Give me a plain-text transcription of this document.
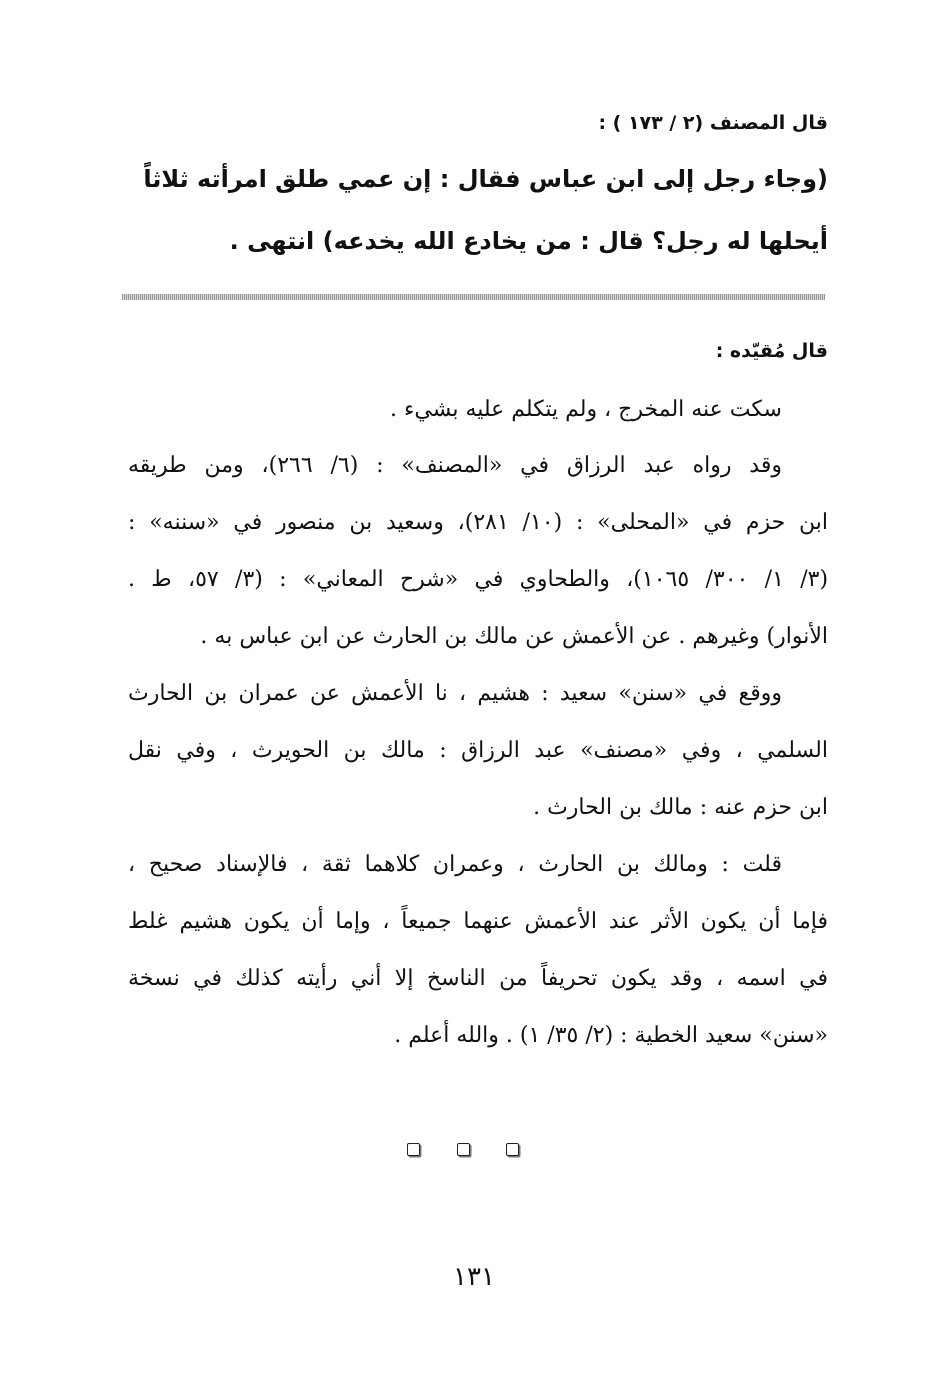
قال المصنف (٢ / ١٧٣ ) :
(وجاء رجل إلى ابن عباس فقال : إن عمي طلق امرأته ثلاثاً
أيحلها له رجل؟ قال : من يخادع الله يخدعه) انتهى .
قال مُقيّده :
سكت عنه المخرج ، ولم يتكلم عليه بشيء .
وقد رواه عبد الرزاق في «المصنف» : (٦/ ٢٦٦)، ومن طريقه
ابن حزم في «المحلى» : (١٠/ ٢٨١)، وسعيد بن منصور في «سننه» :
(٣/ ١/ ٣٠٠/ ١٠٦٥)، والطحاوي في «شرح المعاني» : (٣/ ٥٧، ط .
الأنوار) وغيرهم . عن الأعمش عن مالك بن الحارث عن ابن عباس به .
ووقع في «سنن» سعيد : هشيم ، نا الأعمش عن عمران بن الحارث
السلمي ، وفي «مصنف» عبد الرزاق : مالك بن الحويرث ، وفي نقل
ابن حزم عنه : مالك بن الحارث .
قلت : ومالك بن الحارث ، وعمران كلاهما ثقة ، فالإسناد صحيح ،
فإما أن يكون الأثر عند الأعمش عنهما جميعاً ، وإما أن يكون هشيم غلط
في اسمه ، وقد يكون تحريفاً من الناسخ إلا أني رأيته كذلك في نسخة
«سنن» سعيد الخطية : (٢/ ٣٥/ ١) . والله أعلم .
١٣١
